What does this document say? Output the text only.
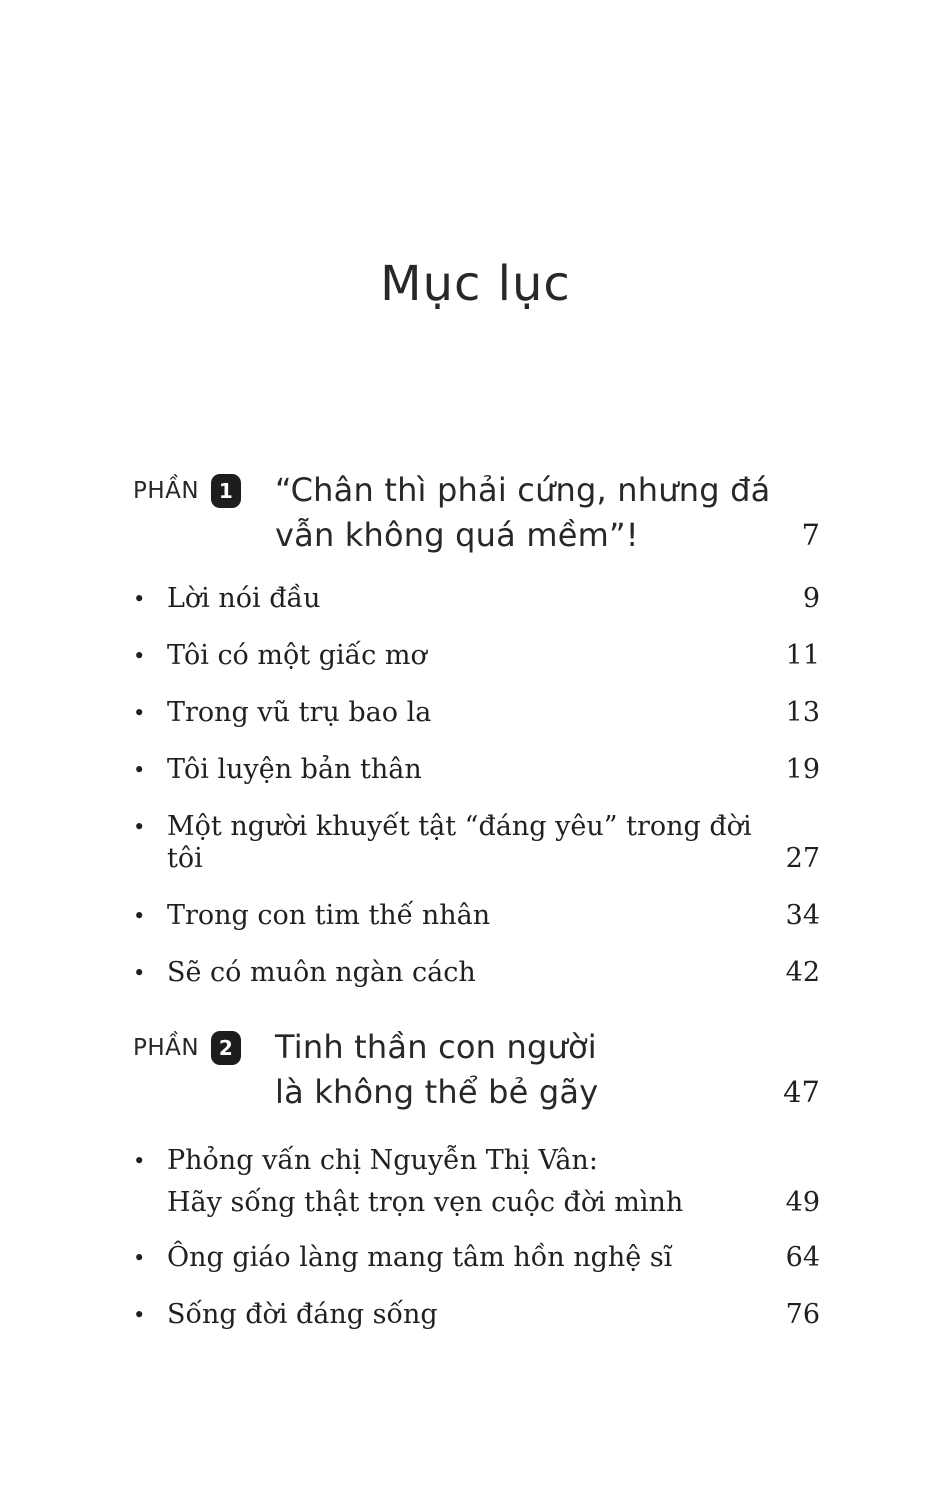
Mục lục
PHẦN 1 “Chân thì phải cứng, nhưng đá
vẫn không quá mềm”!	7
• Lời nói đầu	9
• Tôi có một giấc mơ	11
• Trong vũ trụ bao la	13
• Tôi luyện bản thân	19
• Một người khuyết tật “đáng yêu” trong đời tôi	27
• Trong con tim thế nhân	34
• Sẽ có muôn ngàn cách	42
PHẦN 2 Tinh thần con người
là không thể bẻ gãy	47
• Phỏng vấn chị Nguyễn Thị Vân:
Hãy sống thật trọn vẹn cuộc đời mình	49
• Ông giáo làng mang tâm hồn nghệ sĩ	64
• Sống đời đáng sống	76
